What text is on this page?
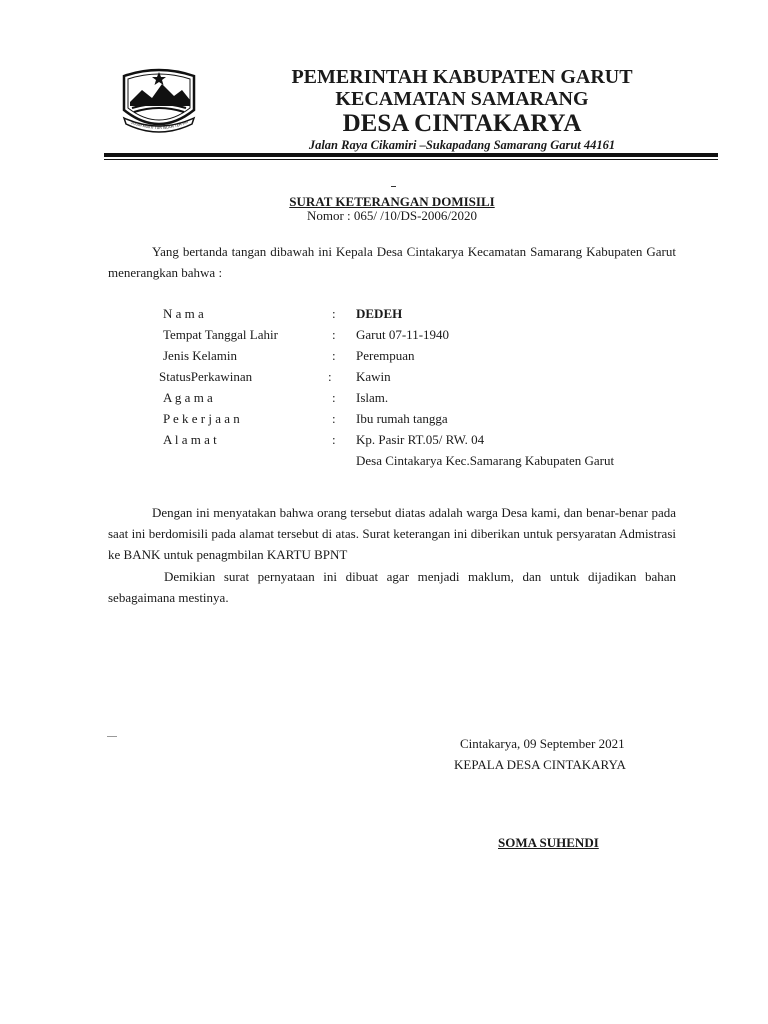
SUGIH MUKTI TUR ISLAM TEH PAT
PEMERINTAH KABUPATEN GARUT
KECAMATAN SAMARANG
DESA CINTAKARYA
Jalan Raya Cikamiri –Sukapadang Samarang Garut 44161
SURAT KETERANGAN DOMISILI
Nomor : 065/ /10/DS-2006/2020
Yang bertanda tangan dibawah ini Kepala Desa Cintakarya Kecamatan Samarang Kabupaten Garut menerangkan bahwa :
N a m a	: DEDEH
Tempat Tanggal Lahir	: Garut 07-11-1940
Jenis Kelamin	: Perempuan
StatusPerkawinan	: Kawin
A g a m a	: Islam.
P e k e r j a a n	: Ibu rumah tangga
A l a m a t	: Kp. Pasir RT.05/ RW. 04
Desa Cintakarya Kec.Samarang Kabupaten Garut
Dengan ini menyatakan bahwa orang tersebut diatas adalah warga Desa kami, dan benar-benar pada saat ini berdomisili pada alamat tersebut di atas. Surat keterangan ini diberikan untuk persyaratan Admistrasi ke BANK untuk penagmbilan KARTU BPNT
Demikian surat pernyataan ini dibuat agar menjadi maklum, dan untuk dijadikan bahan sebagaimana mestinya.
Cintakarya, 09 September 2021
KEPALA DESA CINTAKARYA
SOMA SUHENDI
